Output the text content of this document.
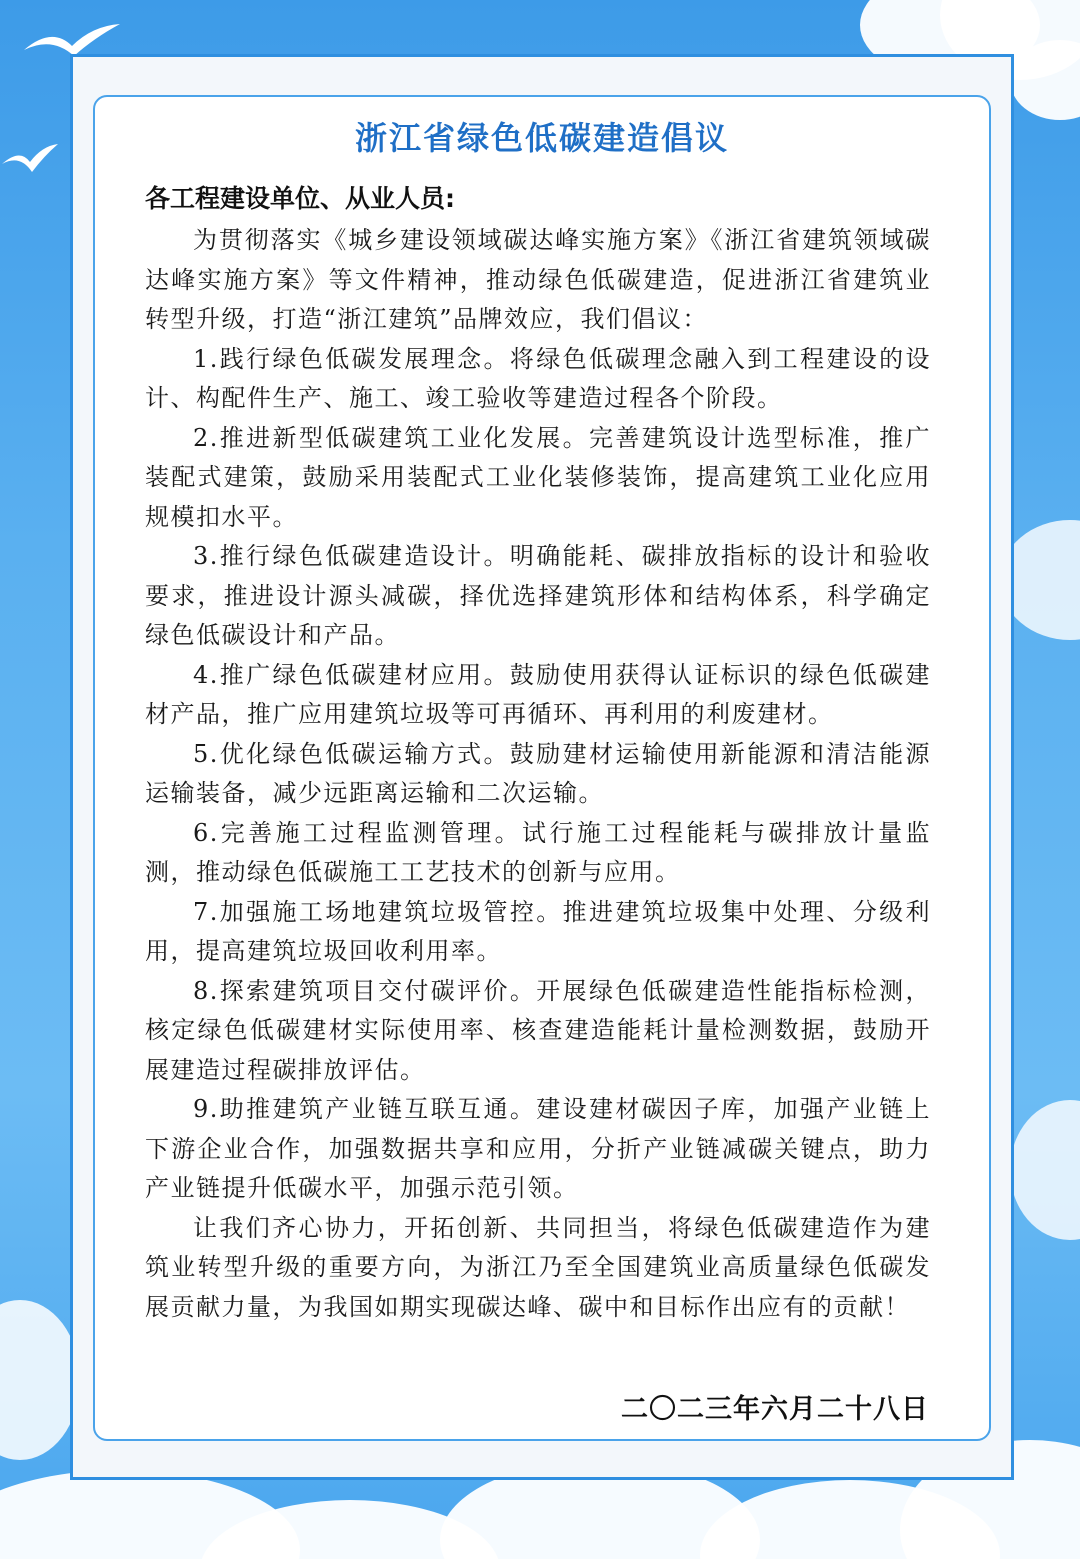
浙江省绿色低碳建造倡议

各工程建设单位、从业人员:

为贯彻落实《城乡建设领域碳达峰实施方案》《浙江省建筑领域碳达峰实施方案》等文件精神，推动绿色低碳建造，促进浙江省建筑业转型升级，打造“浙江建筑”品牌效应，我们倡议：

1.践行绿色低碳发展理念。将绿色低碳理念融入到工程建设的设计、构配件生产、施工、竣工验收等建造过程各个阶段。

2.推进新型低碳建筑工业化发展。完善建筑设计选型标准，推广装配式建策，鼓励采用装配式工业化装修装饰，提高建筑工业化应用规模扣水平。

3.推行绿色低碳建造设计。明确能耗、碳排放指标的设计和验收要求，推进设计源头减碳，择优选择建筑形体和结构体系，科学确定绿色低碳设计和产品。

4.推广绿色低碳建材应用。鼓励使用获得认证标识的绿色低碳建材产品，推广应用建筑垃圾等可再循环、再利用的利废建材。

5.优化绿色低碳运输方式。鼓励建材运输使用新能源和清洁能源运输装备，减少远距离运输和二次运输。

6.完善施工过程监测管理。试行施工过程能耗与碳排放计量监测，推动绿色低碳施工工艺技术的创新与应用。

7.加强施工场地建筑垃圾管控。推进建筑垃圾集中处理、分级利用，提高建筑垃圾回收利用率。

8.探索建筑项目交付碳评价。开展绿色低碳建造性能指标检测，核定绿色低碳建材实际使用率、核查建造能耗计量检测数据，鼓励开展建造过程碳排放评估。

9.助推建筑产业链互联互通。建设建材碳因子库，加强产业链上下游企业合作，加强数据共享和应用，分折产业链减碳关键点，助力产业链提升低碳水平，加强示范引领。

让我们齐心协力，开拓创新、共同担当，将绿色低碳建造作为建筑业转型升级的重要方向，为浙江乃至全国建筑业高质量绿色低碳发展贡献力量，为我国如期实现碳达峰、碳中和目标作出应有的贡献！

二〇二三年六月二十八日
